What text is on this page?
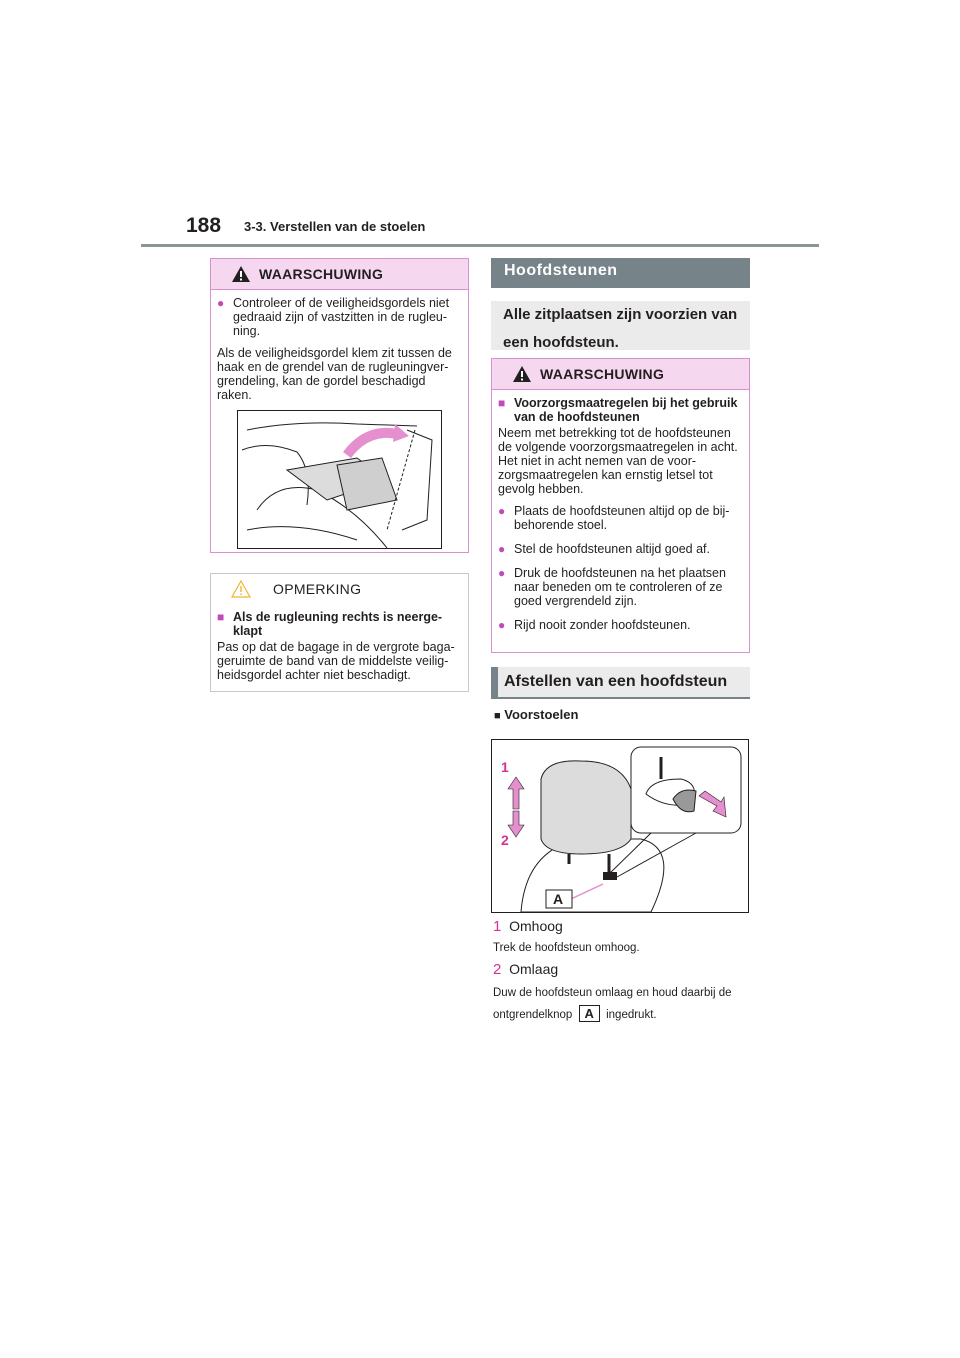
188 3-3. Verstellen van de stoelen
WAARSCHUWING
● Controleer of de veiligheidsgordels niet gedraaid zijn of vastzitten in de rugleu-ning.
Als de veiligheidsgordel klem zit tussen de haak en de grendel van de rugleuningver-grendeling, kan de gordel beschadigd raken.
OPMERKING
■ Als de rugleuning rechts is neerge-klapt
Pas op dat de bagage in de vergrote baga-geruimte de band van de middelste veilig-heidsgordel achter niet beschadigt.
Hoofdsteunen
Alle zitplaatsen zijn voorzien van een hoofdsteun.
WAARSCHUWING
■ Voorzorgsmaatregelen bij het gebruik van de hoofdsteunen
Neem met betrekking tot de hoofdsteunen de volgende voorzorgsmaatregelen in acht. Het niet in acht nemen van de voor-zorgsmaatregelen kan ernstig letsel tot gevolg hebben.
● Plaats de hoofdsteunen altijd op de bij-behorende stoel.
● Stel de hoofdsteunen altijd goed af.
● Druk de hoofdsteunen na het plaatsen naar beneden om te controleren of ze goed vergrendeld zijn.
● Rijd nooit zonder hoofdsteunen.
Afstellen van een hoofdsteun
■ Voorstoelen
1
2
A
1 Omhoog
Trek de hoofdsteun omhoog.
2 Omlaag
Duw de hoofdsteun omlaag en houd daarbij de ontgrendelknop A ingedrukt.
